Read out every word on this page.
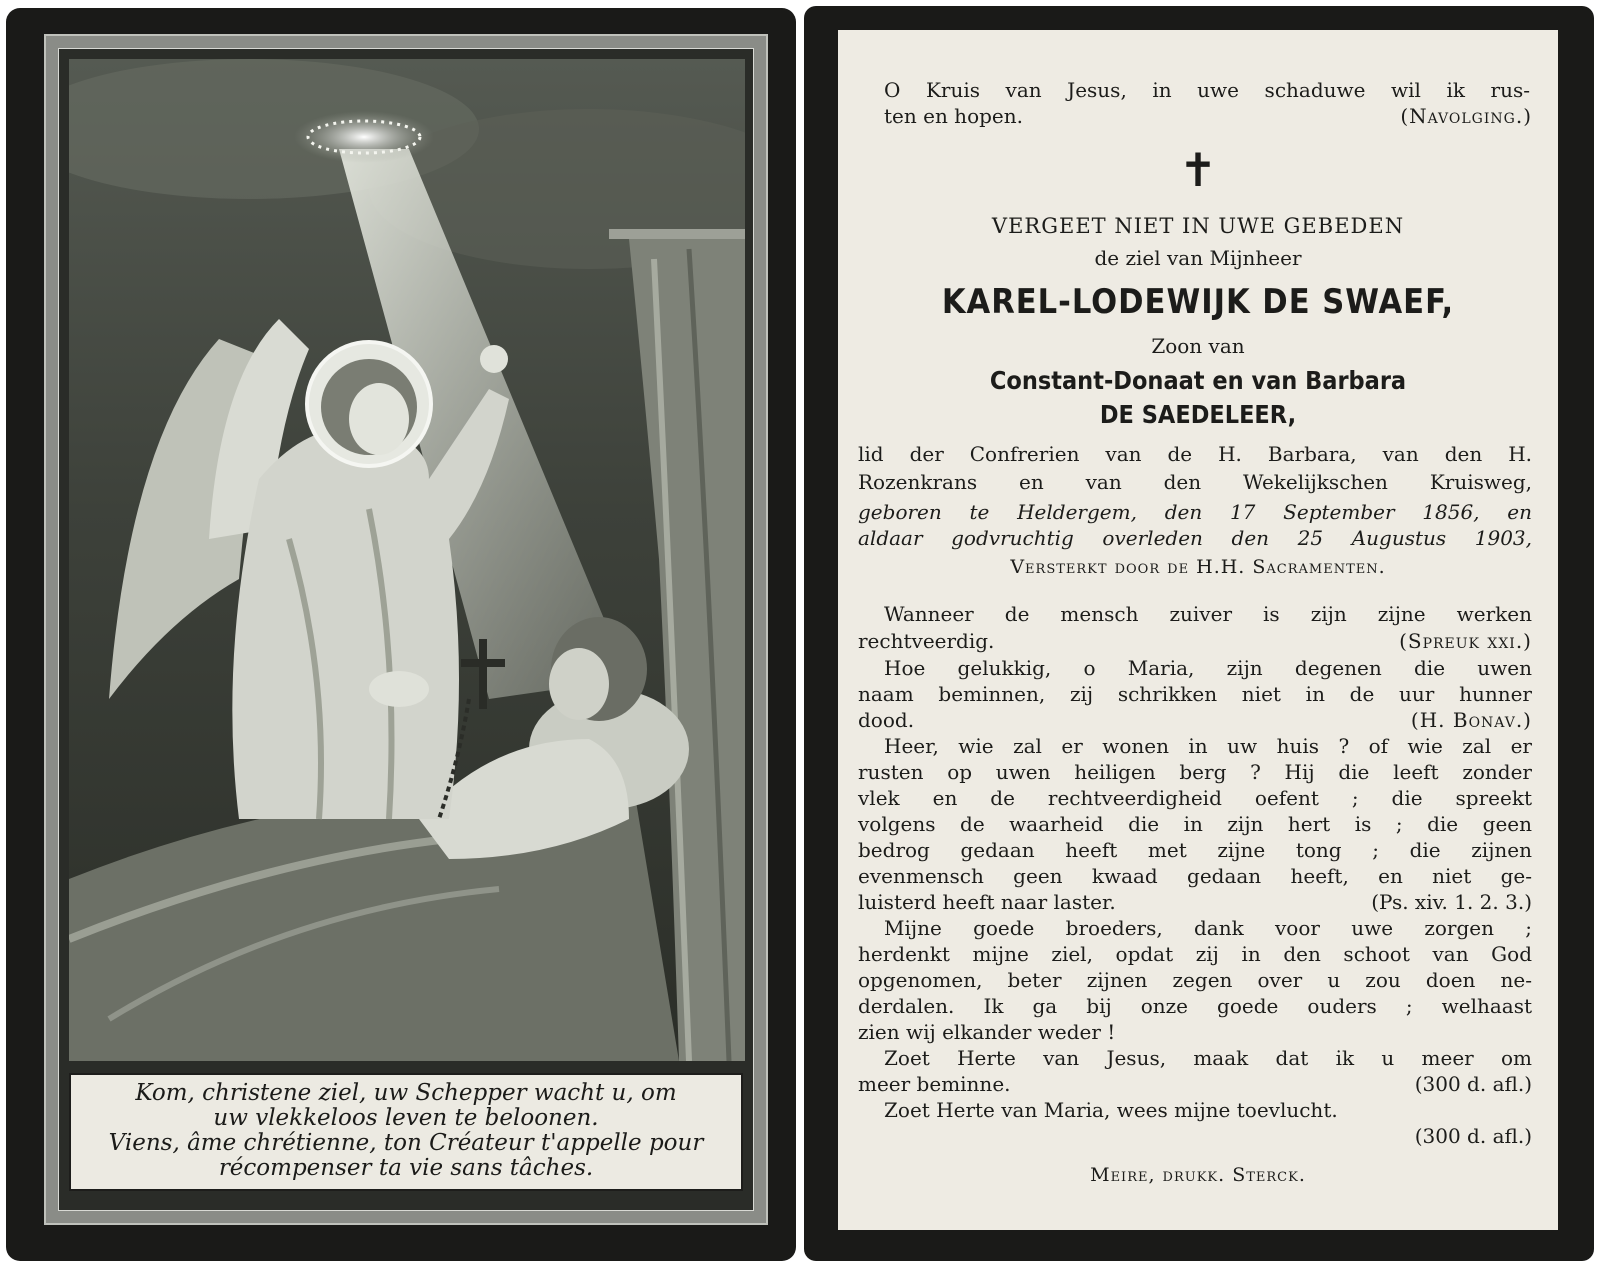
Kom, christene ziel, uw Schepper wacht u, om
uw vlekkeloos leven te beloonen.
Viens, âme chrétienne, ton Créateur t'appelle pour
récompenser ta vie sans tâches.
O Kruis van Jesus, in uwe schaduwe wil ik rus-
ten en hopen.	(Navolging.)
✝
VERGEET NIET IN UWE GEBEDEN
de ziel van Mijnheer
KAREL-LODEWIJK DE SWAEF,
Zoon van
Constant-Donaat en van Barbara
DE SAEDELEER,
lid der Confrerien van de H. Barbara, van den H.
Rozenkrans en van den Wekelijkschen Kruisweg,
geboren te Heldergem, den 17 September 1856, en
aldaar godvruchtig overleden den 25 Augustus 1903,
Versterkt door de H.H. Sacramenten.
Wanneer de mensch zuiver is zijn zijne werken
rechtveerdig.	(Spreuk xxi.)
Hoe gelukkig, o Maria, zijn degenen die uwen
naam beminnen, zij schrikken niet in de uur hunner
dood.	(H. Bonav.)
Heer, wie zal er wonen in uw huis ? of wie zal er
rusten op uwen heiligen berg ? Hij die leeft zonder
vlek en de rechtveerdigheid oefent ; die spreekt
volgens de waarheid die in zijn hert is ; die geen
bedrog gedaan heeft met zijne tong ; die zijnen
evenmensch geen kwaad gedaan heeft, en niet ge-
luisterd heeft naar laster.	(Ps. xiv. 1. 2. 3.)
Mijne goede broeders, dank voor uwe zorgen ;
herdenkt mijne ziel, opdat zij in den schoot van God
opgenomen, beter zijnen zegen over u zou doen ne-
derdalen. Ik ga bij onze goede ouders ; welhaast
zien wij elkander weder !
Zoet Herte van Jesus, maak dat ik u meer om
meer beminne.	(300 d. afl.)
Zoet Herte van Maria, wees mijne toevlucht.
(300 d. afl.)
Meire, drukk. Sterck.
